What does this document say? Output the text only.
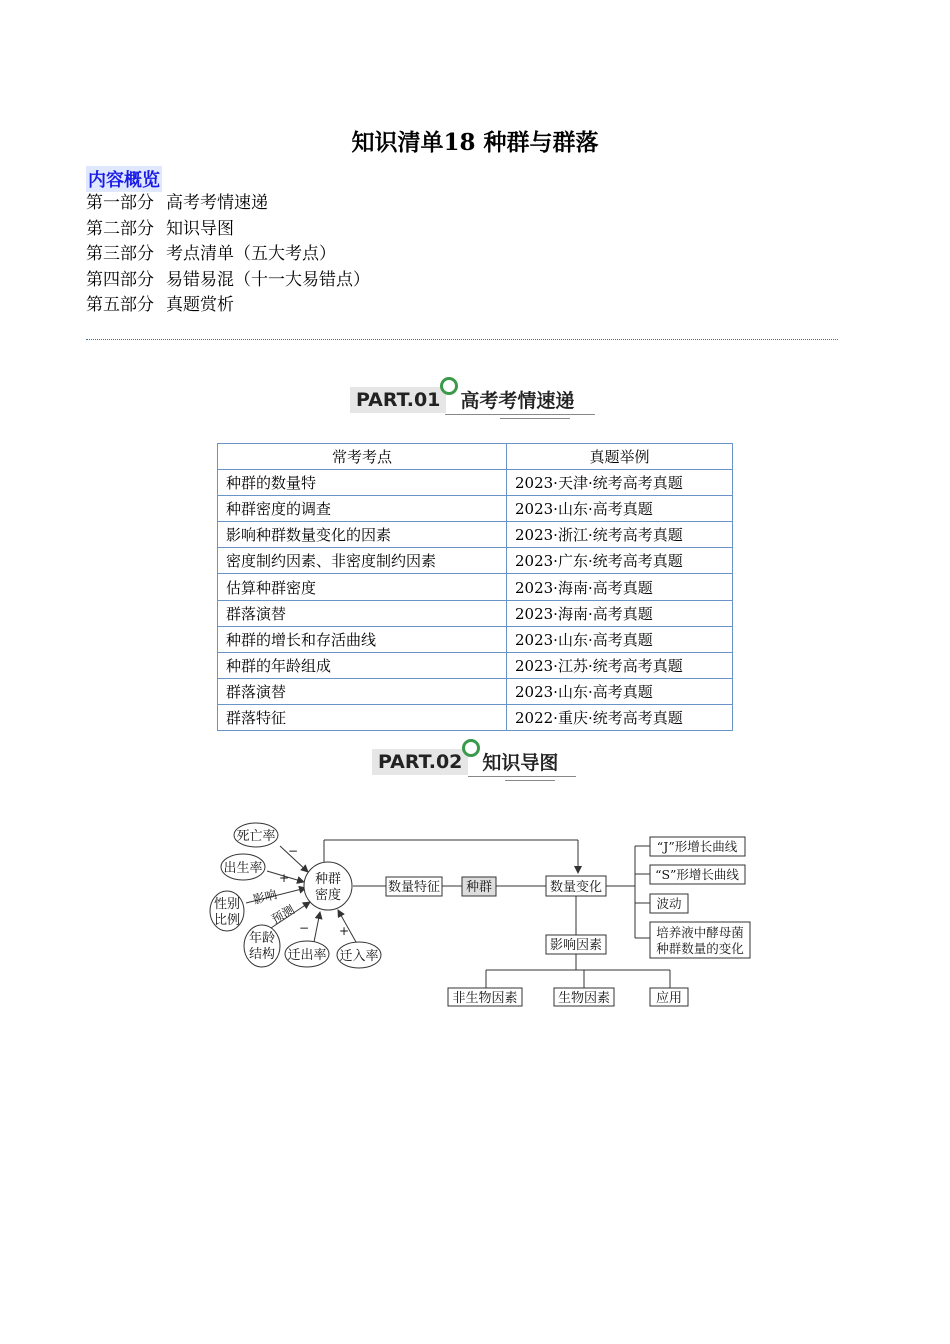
知识清单18 种群与群落
内容概览
第一部分 高考考情速递
第二部分 知识导图
第三部分 考点清单（五大考点）
第四部分 易错易混（十一大易错点）
第五部分 真题赏析
PART.01	高考考情速递
常考考点	真题举例
种群的数量特	2023·天津·统考高考真题
种群密度的调查	2023·山东·高考真题
影响种群数量变化的因素	2023·浙江·统考高考真题
密度制约因素、非密度制约因素	2023·广东·统考高考真题
估算种群密度	2023·海南·高考真题
群落演替	2023·海南·高考真题
种群的增长和存活曲线	2023·山东·高考真题
种群的年龄组成	2023·江苏·统考高考真题
群落演替	2023·山东·高考真题
群落特征	2022·重庆·统考高考真题
PART.02	知识导图
死亡率
出生率
性别
比例
年龄
结构 迁出率 迁入率
种群
密度
数量特征 种群	数量变化
影响因素
非生物因素	生物因素	应用
“J”形增长曲线
“S”形增长曲线
波动
培养液中酵母菌
种群数量的变化
−
+
影响
预测
− +
